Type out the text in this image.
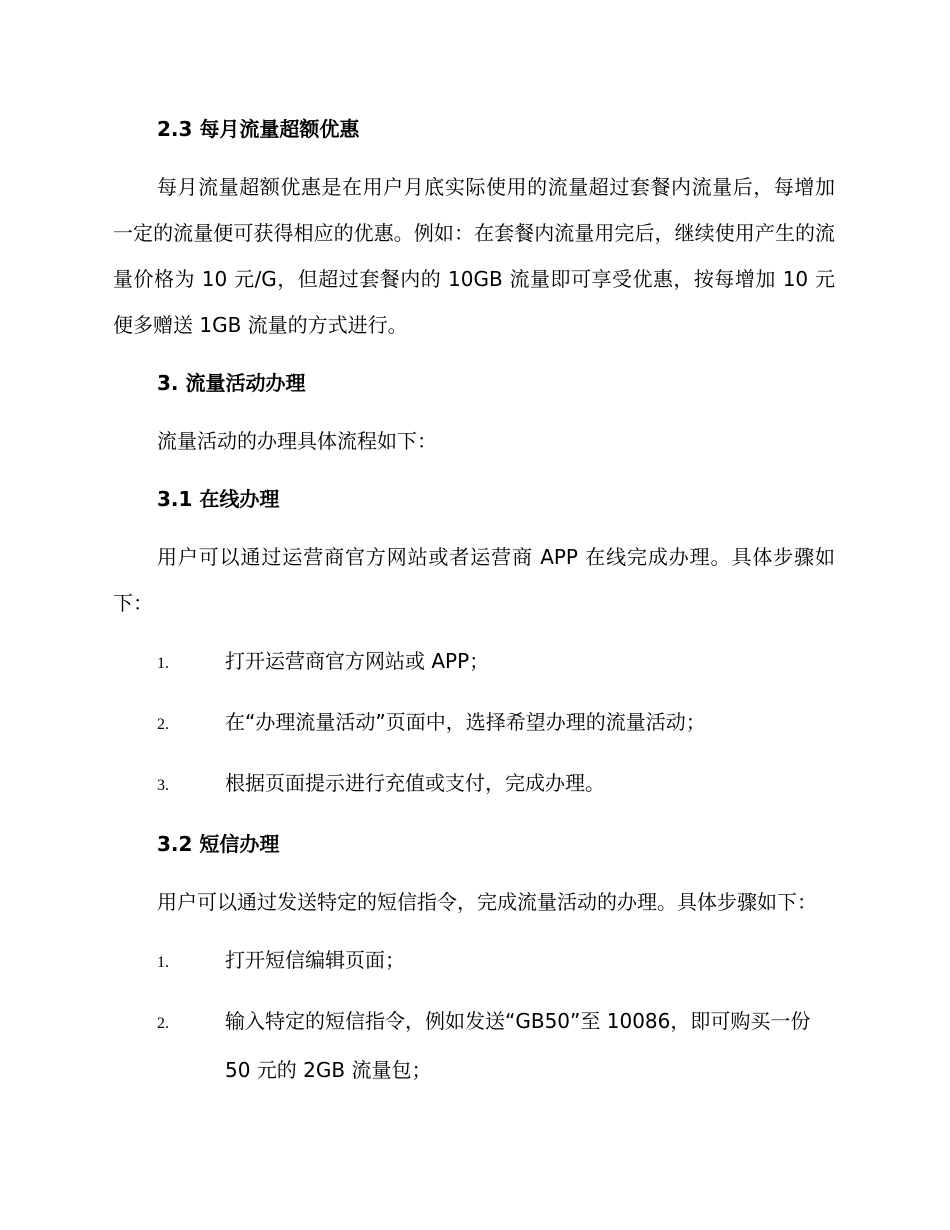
2.3 每月流量超额优惠

每月流量超额优惠是在用户月底实际使用的流量超过套餐内流量后，每增加一定的流量便可获得相应的优惠。例如：在套餐内流量用完后，继续使用产生的流量价格为 10 元/G，但超过套餐内的 10GB 流量即可享受优惠，按每增加 10 元便多赠送 1GB 流量的方式进行。

3. 流量活动办理

流量活动的办理具体流程如下：

3.1 在线办理

用户可以通过运营商官方网站或者运营商 APP 在线完成办理。具体步骤如下：

1.	打开运营商官方网站或 APP；
2.	在“办理流量活动”页面中，选择希望办理的流量活动；
3.	根据页面提示进行充值或支付，完成办理。
3.2 短信办理

用户可以通过发送特定的短信指令，完成流量活动的办理。具体步骤如下：

1.	打开短信编辑页面；
2.	输入特定的短信指令，例如发送“GB50”至 10086，即可购买一份 50 元的 2GB 流量包；
